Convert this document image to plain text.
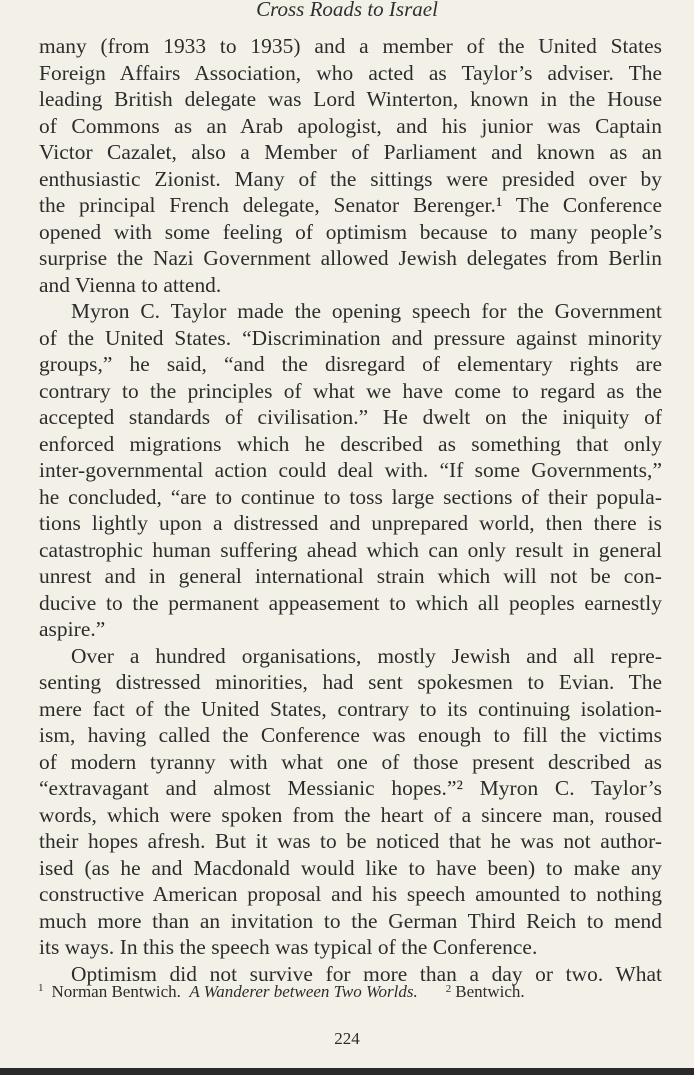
Cross Roads to Israel
many (from 1933 to 1935) and a member of the United States
Foreign Affairs Association, who acted as Taylor’s adviser. The
leading British delegate was Lord Winterton, known in the House
of Commons as an Arab apologist, and his junior was Captain
Victor Cazalet, also a Member of Parliament and known as an
enthusiastic Zionist. Many of the sittings were presided over by
the principal French delegate, Senator Berenger.¹ The Conference
opened with some feeling of optimism because to many people’s
surprise the Nazi Government allowed Jewish delegates from Berlin
and Vienna to attend.
Myron C. Taylor made the opening speech for the Government
of the United States. “Discrimination and pressure against minority
groups,” he said, “and the disregard of elementary rights are
contrary to the principles of what we have come to regard as the
accepted standards of civilisation.” He dwelt on the iniquity of
enforced migrations which he described as something that only
inter-governmental action could deal with. “If some Governments,”
he concluded, “are to continue to toss large sections of their popula-
tions lightly upon a distressed and unprepared world, then there is
catastrophic human suffering ahead which can only result in general
unrest and in general international strain which will not be con-
ducive to the permanent appeasement to which all peoples earnestly
aspire.”
Over a hundred organisations, mostly Jewish and all repre-
senting distressed minorities, had sent spokesmen to Evian. The
mere fact of the United States, contrary to its continuing isolation-
ism, having called the Conference was enough to fill the victims
of modern tyranny with what one of those present described as
“extravagant and almost Messianic hopes.”² Myron C. Taylor’s
words, which were spoken from the heart of a sincere man, roused
their hopes afresh. But it was to be noticed that he was not author-
ised (as he and Macdonald would like to have been) to make any
constructive American proposal and his speech amounted to nothing
much more than an invitation to the German Third Reich to mend
its ways. In this the speech was typical of the Conference.
Optimism did not survive for more than a day or two. What
$^1$ Norman Bentwich. A Wanderer between Two Worlds.	$^2$ Bentwich.
224
